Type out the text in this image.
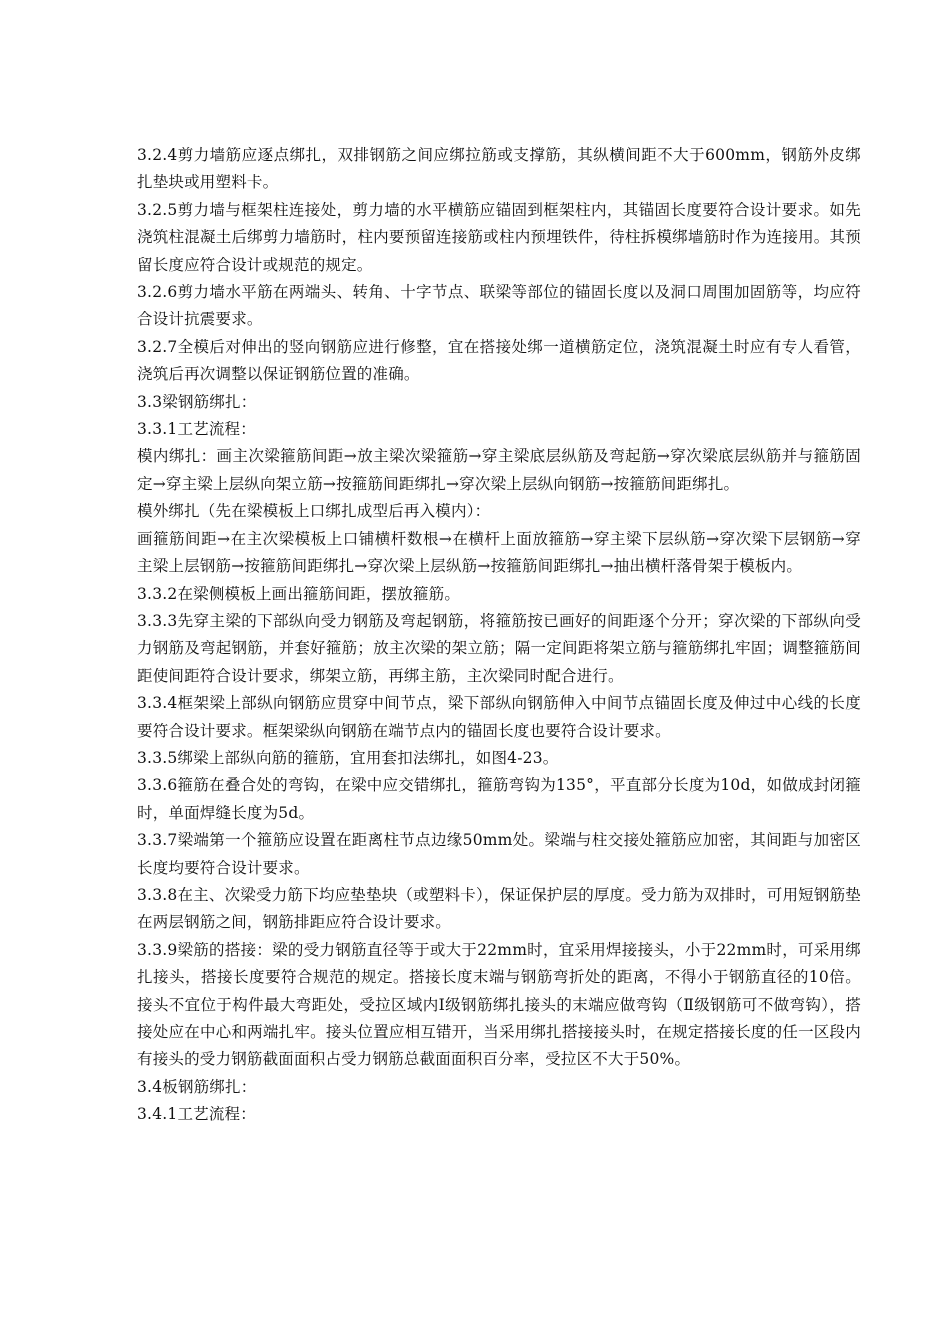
3.2.4剪力墙筋应逐点绑扎，双排钢筋之间应绑拉筋或支撑筋，其纵横间距不大于600mm，钢筋外皮绑扎垫块或用塑料卡。

3.2.5剪力墙与框架柱连接处，剪力墙的水平横筋应锚固到框架柱内，其锚固长度要符合设计要求。如先浇筑柱混凝土后绑剪力墙筋时，柱内要预留连接筋或柱内预埋铁件，待柱拆模绑墙筋时作为连接用。其预留长度应符合设计或规范的规定。

3.2.6剪力墙水平筋在两端头、转角、十字节点、联梁等部位的锚固长度以及洞口周围加固筋等，均应符合设计抗震要求。

3.2.7全模后对伸出的竖向钢筋应进行修整，宜在搭接处绑一道横筋定位，浇筑混凝土时应有专人看管，浇筑后再次调整以保证钢筋位置的准确。

3.3梁钢筋绑扎：

3.3.1工艺流程：

模内绑扎：画主次梁箍筋间距→放主梁次梁箍筋→穿主梁底层纵筋及弯起筋→穿次梁底层纵筋并与箍筋固定→穿主梁上层纵向架立筋→按箍筋间距绑扎→穿次梁上层纵向钢筋→按箍筋间距绑扎。

模外绑扎（先在梁模板上口绑扎成型后再入模内）：

画箍筋间距→在主次梁模板上口铺横杆数根→在横杆上面放箍筋→穿主梁下层纵筋→穿次梁下层钢筋→穿主梁上层钢筋→按箍筋间距绑扎→穿次梁上层纵筋→按箍筋间距绑扎→抽出横杆落骨架于模板内。

3.3.2在梁侧模板上画出箍筋间距，摆放箍筋。

3.3.3先穿主梁的下部纵向受力钢筋及弯起钢筋，将箍筋按已画好的间距逐个分开；穿次梁的下部纵向受力钢筋及弯起钢筋，并套好箍筋；放主次梁的架立筋；隔一定间距将架立筋与箍筋绑扎牢固；调整箍筋间距使间距符合设计要求，绑架立筋，再绑主筋，主次梁同时配合进行。

3.3.4框架梁上部纵向钢筋应贯穿中间节点，梁下部纵向钢筋伸入中间节点锚固长度及伸过中心线的长度要符合设计要求。框架梁纵向钢筋在端节点内的锚固长度也要符合设计要求。

3.3.5绑梁上部纵向筋的箍筋，宜用套扣法绑扎，如图4-23。

3.3.6箍筋在叠合处的弯钩，在梁中应交错绑扎，箍筋弯钩为135°，平直部分长度为10d，如做成封闭箍时，单面焊缝长度为5d。

3.3.7梁端第一个箍筋应设置在距离柱节点边缘50mm处。梁端与柱交接处箍筋应加密，其间距与加密区长度均要符合设计要求。

3.3.8在主、次梁受力筋下均应垫垫块（或塑料卡），保证保护层的厚度。受力筋为双排时，可用短钢筋垫在两层钢筋之间，钢筋排距应符合设计要求。

3.3.9梁筋的搭接：梁的受力钢筋直径等于或大于22mm时，宜采用焊接接头，小于22mm时，可采用绑扎接头，搭接长度要符合规范的规定。搭接长度末端与钢筋弯折处的距离，不得小于钢筋直径的10倍。接头不宜位于构件最大弯距处，受拉区域内Ⅰ级钢筋绑扎接头的末端应做弯钩（Ⅱ级钢筋可不做弯钩），搭接处应在中心和两端扎牢。接头位置应相互错开，当采用绑扎搭接接头时，在规定搭接长度的任一区段内有接头的受力钢筋截面面积占受力钢筋总截面面积百分率，受拉区不大于50%。

3.4板钢筋绑扎：

3.4.1工艺流程：
